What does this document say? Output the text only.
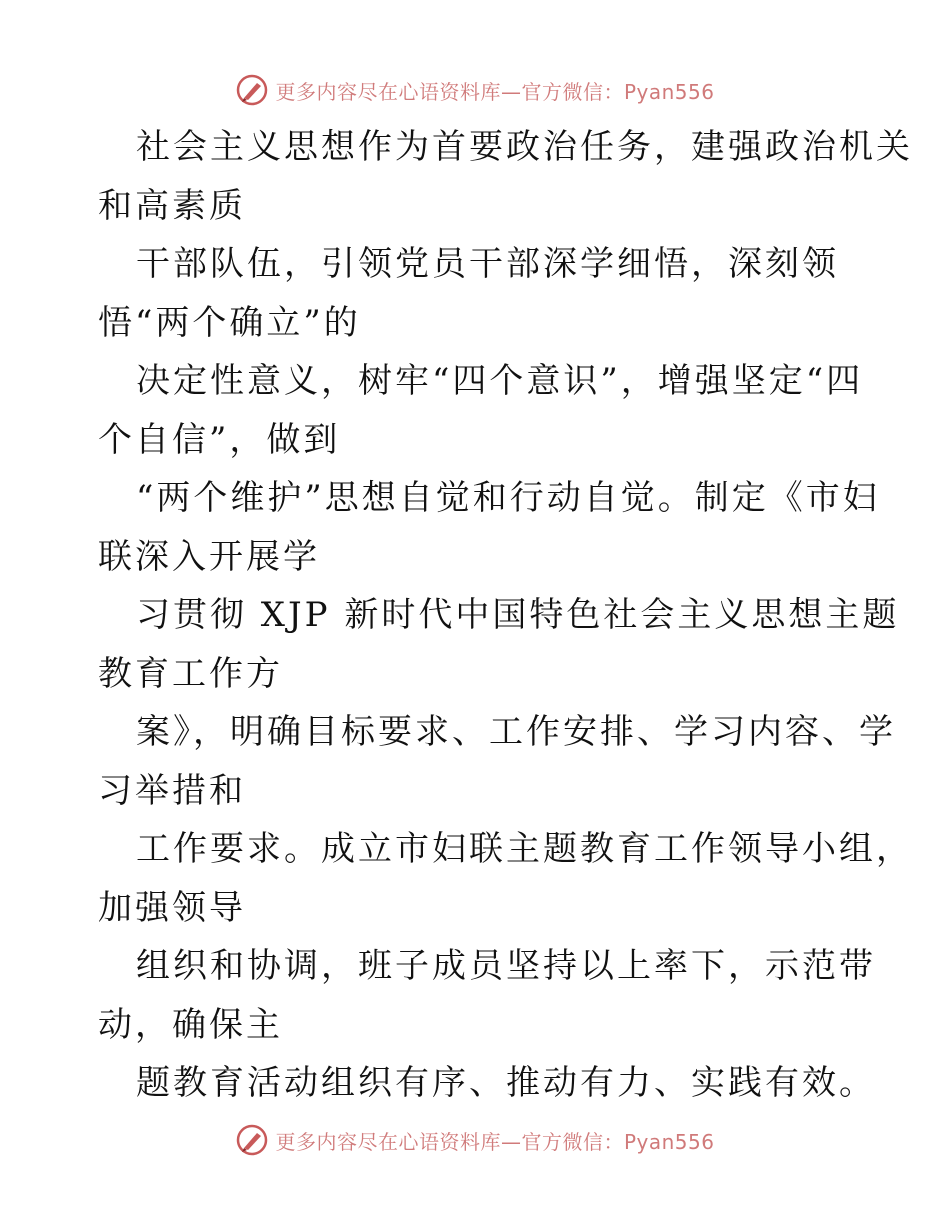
更多内容尽在心语资料库—官方微信：Pyan556
社会主义思想作为首要政治任务，建强政治机关
和高素质
干部队伍，引领党员干部深学细悟，深刻领
悟“两个确立”的
决定性意义，树牢“四个意识”，增强坚定“四
个自信”，做到
“两个维护”思想自觉和行动自觉。制定《市妇
联深入开展学
习贯彻 XJP 新时代中国特色社会主义思想主题
教育工作方
案》，明确目标要求、工作安排、学习内容、学
习举措和
工作要求。成立市妇联主题教育工作领导小组，
加强领导
组织和协调，班子成员坚持以上率下，示范带
动，确保主
题教育活动组织有序、推动有力、实践有效。
更多内容尽在心语资料库—官方微信：Pyan556
